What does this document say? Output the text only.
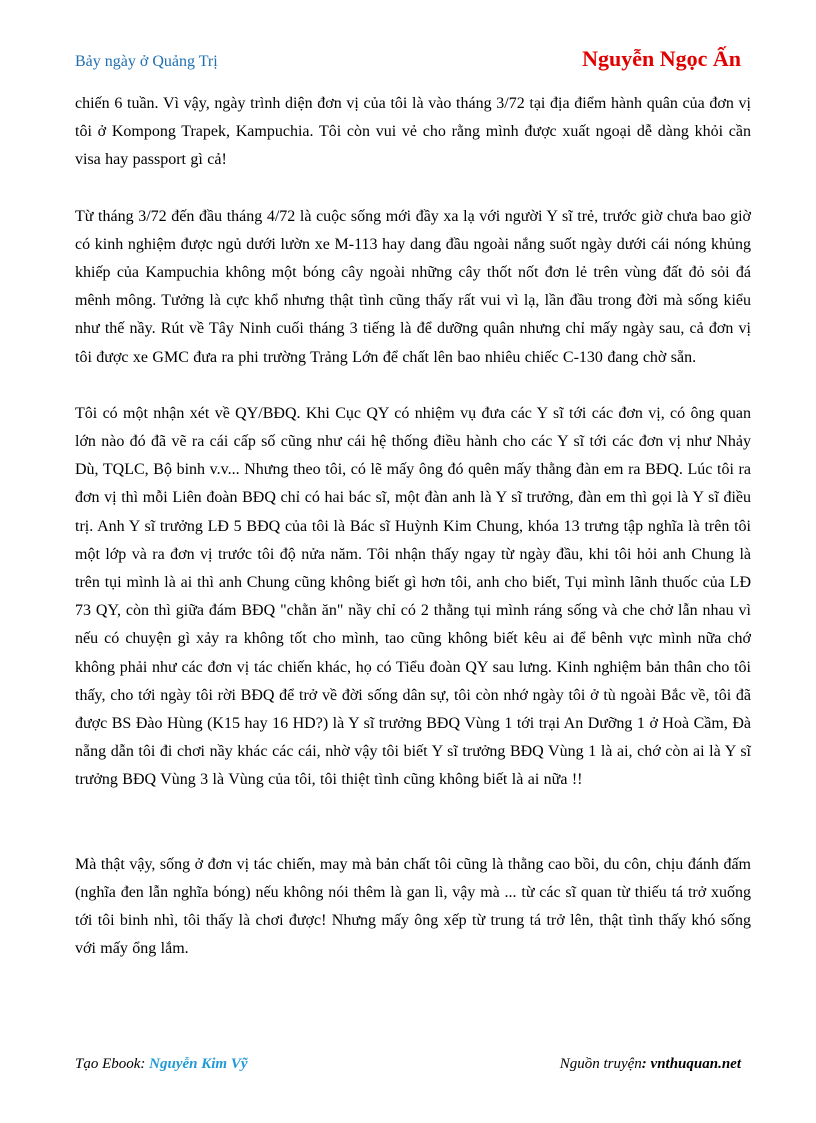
Bảy ngày ở Quảng Trị	Nguyễn Ngọc Ấn

chiến 6 tuần. Vì vậy, ngày trình diện đơn vị của tôi là vào tháng 3/72 tại địa điểm hành quân của đơn vị tôi ở Kompong Trapek, Kampuchia. Tôi còn vui vẻ cho rằng mình được xuất ngoại dễ dàng khỏi cần visa hay passport gì cả!

Từ tháng 3/72 đến đầu tháng 4/72 là cuộc sống mới đầy xa lạ với người Y sĩ trẻ, trước giờ chưa bao giờ có kinh nghiệm được ngủ dưới lườn xe M-113 hay dang đầu ngoài nắng suốt ngày dưới cái nóng khủng khiếp của Kampuchia không một bóng cây ngoài những cây thốt nốt đơn lẻ trên vùng đất đỏ sỏi đá mênh mông. Tưởng là cực khổ nhưng thật tình cũng thấy rất vui vì lạ, lần đầu trong đời mà sống kiểu như thế nầy. Rút về Tây Ninh cuối tháng 3 tiếng là để dưỡng quân nhưng chỉ mấy ngày sau, cả đơn vị tôi được xe GMC đưa ra phi trường Trảng Lớn để chất lên bao nhiêu chiếc C-130 đang chờ sẵn.

Tôi có một nhận xét về QY/BĐQ. Khi Cục QY có nhiệm vụ đưa các Y sĩ tới các đơn vị, có ông quan lớn nào đó đã vẽ ra cái cấp số cũng như cái hệ thống điều hành cho các Y sĩ tới các đơn vị như Nhảy Dù, TQLC, Bộ binh v.v... Nhưng theo tôi, có lẽ mấy ông đó quên mấy thằng đàn em ra BĐQ. Lúc tôi ra đơn vị thì mỗi Liên đoàn BĐQ chỉ có hai bác sĩ, một đàn anh là Y sĩ trưởng, đàn em thì gọi là Y sĩ điều trị. Anh Y sĩ trưởng LĐ 5 BĐQ của tôi là Bác sĩ Huỳnh Kim Chung, khóa 13 trưng tập nghĩa là trên tôi một lớp và ra đơn vị trước tôi độ nửa năm. Tôi nhận thấy ngay từ ngày đầu, khi tôi hỏi anh Chung là trên tụi mình là ai thì anh Chung cũng không biết gì hơn tôi, anh cho biết, Tụi mình lãnh thuốc của LĐ 73 QY, còn thì giữa đám BĐQ "chằn ăn" nầy chỉ có 2 thằng tụi mình ráng sống và che chở lẫn nhau vì nếu có chuyện gì xảy ra không tốt cho mình, tao cũng không biết kêu ai để bênh vực mình nữa chớ không phải như các đơn vị tác chiến khác, họ có Tiểu đoàn QY sau lưng. Kinh nghiệm bản thân cho tôi thấy, cho tới ngày tôi rời BĐQ để trở về đời sống dân sự, tôi còn nhớ ngày tôi ở tù ngoài Bắc về, tôi đã được BS Đào Hùng (K15 hay 16 HD?) là Y sĩ trưởng BĐQ Vùng 1 tới trại An Dưỡng 1 ở Hoà Cầm, Đà nẵng dẫn tôi đi chơi nầy khác các cái, nhờ vậy tôi biết Y sĩ trưởng BĐQ Vùng 1 là ai, chớ còn ai là Y sĩ trưởng BĐQ Vùng 3 là Vùng của tôi, tôi thiệt tình cũng không biết là ai nữa !!

Mà thật vậy, sống ở đơn vị tác chiến, may mà bản chất tôi cũng là thằng cao bồi, du côn, chịu đánh đấm (nghĩa đen lẫn nghĩa bóng) nếu không nói thêm là gan lì, vậy mà ... từ các sĩ quan từ thiếu tá trở xuống tới tôi binh nhì, tôi thấy là chơi được! Nhưng mấy ông xếp từ trung tá trở lên, thật tình thấy khó sống với mấy ổng lắm.

Tạo Ebook: Nguyễn Kim Vỹ	Nguồn truyện: vnthuquan.net
